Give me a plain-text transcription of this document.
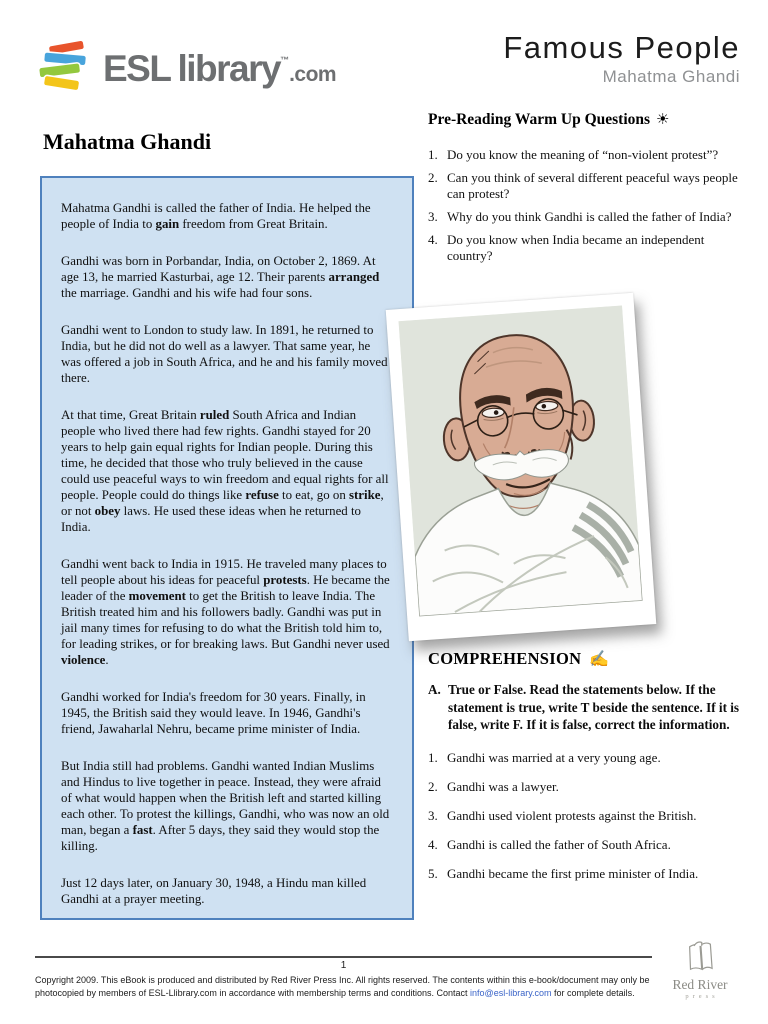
ESL library™.com
Famous People
Mahatma Ghandi
Mahatma Ghandi

Mahatma Gandhi is called the father of India. He helped the people of India to gain freedom from Great Britain.

Gandhi was born in Porbandar, India, on October 2, 1869. At age 13, he married Kasturbai, age 12. Their parents arranged the marriage. Gandhi and his wife had four sons.

Gandhi went to London to study law. In 1891, he returned to India, but he did not do well as a lawyer. That same year, he was offered a job in South Africa, and he and his family moved there.

At that time, Great Britain ruled South Africa and Indian people who lived there had few rights. Gandhi stayed for 20 years to help gain equal rights for Indian people. During this time, he decided that those who truly believed in the cause could use peaceful ways to win freedom and equal rights for all people. People could do things like refuse to eat, go on strike, or not obey laws. He used these ideas when he returned to India.

Gandhi went back to India in 1915. He traveled many places to tell people about his ideas for peaceful protests. He became the leader of the movement to get the British to leave India. The British treated him and his followers badly. Gandhi was put in jail many times for refusing to do what the British told him to, for leading strikes, or for breaking laws. But Gandhi never used violence.

Gandhi worked for India's freedom for 30 years. Finally, in 1945, the British said they would leave. In 1946, Gandhi's friend, Jawaharlal Nehru, became prime minister of India.

But India still had problems. Gandhi wanted Indian Muslims and Hindus to live together in peace. Instead, they were afraid of what would happen when the British left and started killing each other. To protest the killings, Gandhi, who was now an old man, began a fast. After 5 days, they said they would stop the killing.

Just 12 days later, on January 30, 1948, a Hindu man killed Gandhi at a prayer meeting.

Pre-Reading Warm Up Questions ☀
1. Do you know the meaning of “non-violent protest”?
2. Can you think of several different peaceful ways people can protest?
3. Why do you think Gandhi is called the father of India?
4. Do you know when India became an independent country?
COMPREHENSION ✍
A. True or False. Read the statements below. If the statement is true, write T beside the sentence. If it is false, write F. If it is false, correct the information.
1. Gandhi was married at a very young age.
2. Gandhi was a lawyer.
3. Gandhi used violent protests against the British.
4. Gandhi is called the father of South Africa.
5. Gandhi became the first prime minister of India.
1
Copyright 2009. This eBook is produced and distributed by Red River Press Inc. All rights reserved. The contents within this e-book/document may only be photocopied by members of ESL-Llibrary.com in accordance with membership terms and conditions. Contact info@esl-library.com for complete details.
Red River
press
